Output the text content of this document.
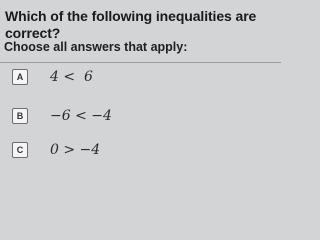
Which of the following inequalities are correct?
Choose all answers that apply:
A	4 <  6
B	−6 < −4
C	0 > −4
